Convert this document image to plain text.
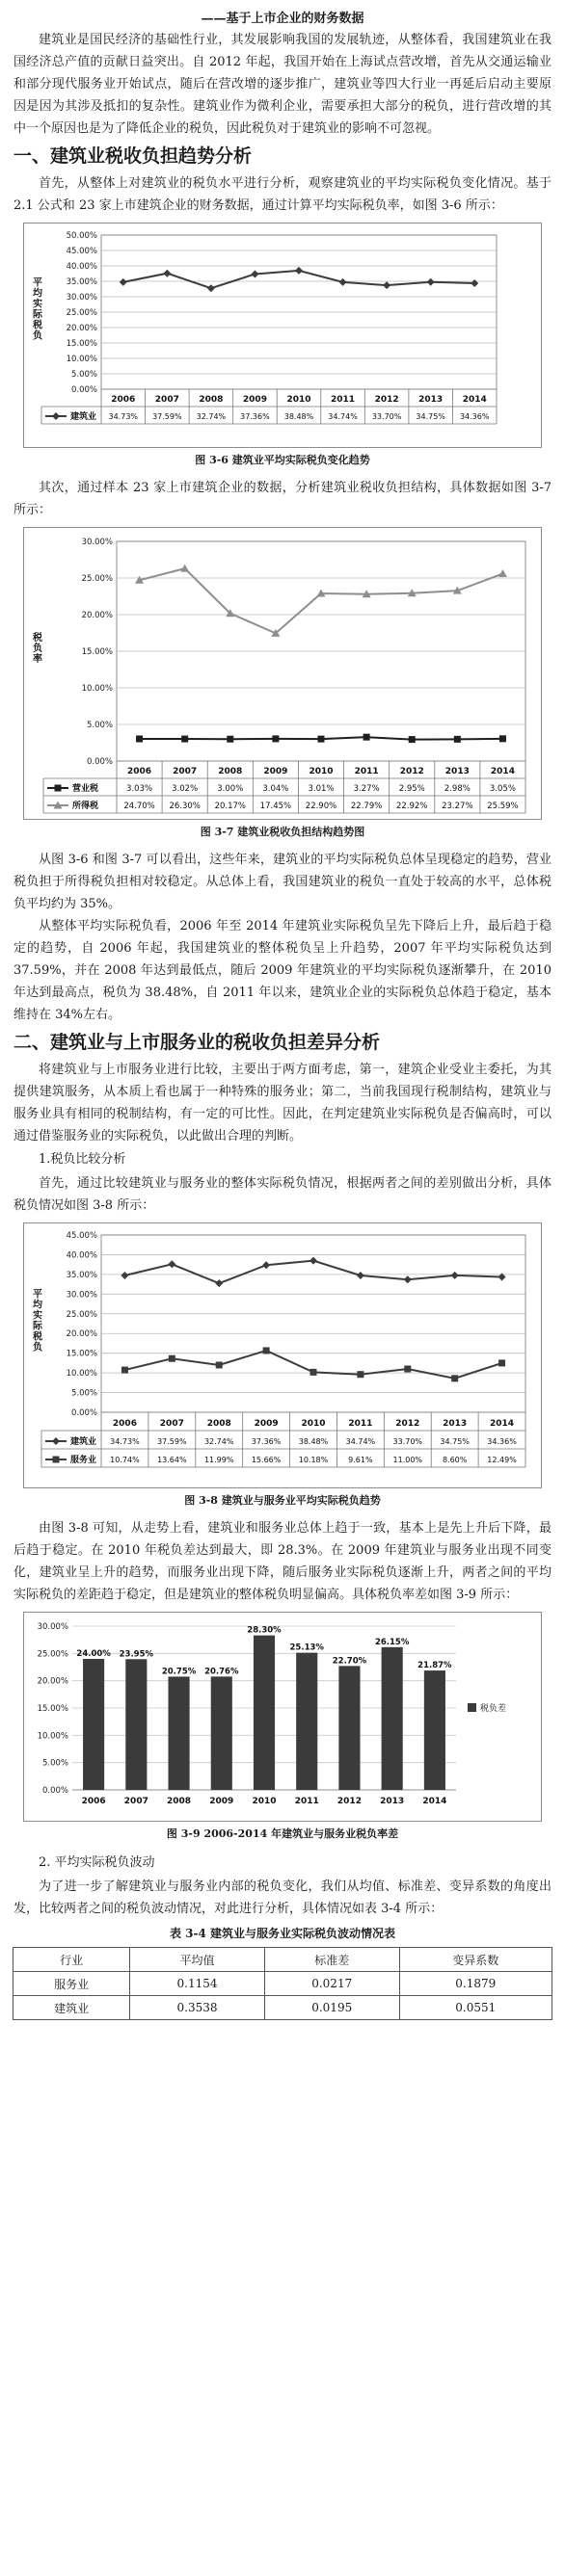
——基于上市企业的财务数据

建筑业是国民经济的基础性行业，其发展影响我国的发展轨迹，从整体看，我国建筑业在我国经济总产值的贡献日益突出。自 2012 年起，我国开始在上海试点营改增，首先从交通运输业和部分现代服务业开始试点，随后在营改增的逐步推广，建筑业等四大行业一再延后启动主要原因是因为其涉及抵扣的复杂性。建筑业作为微利企业，需要承担大部分的税负，进行营改增的其中一个原因也是为了降低企业的税负，因此税负对于建筑业的影响不可忽视。

一、建筑业税收负担趋势分析

首先，从整体上对建筑业的税负水平进行分析，观察建筑业的平均实际税负变化情况。基于 2.1 公式和 23 家上市建筑企业的财务数据，通过计算平均实际税负率，如图 3-6 所示：

0.00%
5.00%
10.00%
15.00%
20.00%
25.00%
30.00%
35.00%
40.00%
45.00%
50.00%
平均实际税负
2006 2007 2008 2009 2010 2011 2012 2013 2014
建筑业 34.73% 37.59% 32.74% 37.36% 38.48% 34.74% 33.70% 34.75% 34.36%
图 3-6 建筑业平均实际税负变化趋势

其次，通过样本 23 家上市建筑企业的数据，分析建筑业税收负担结构，具体数据如图 3-7 所示：

0.00%
5.00%
10.00%
15.00%
20.00%
25.00%
30.00%
税负率
2006 2007 2008 2009 2010 2011 2012 2013 2014
营业税	3.03% 3.02% 3.00% 3.04% 3.01% 3.27% 2.95% 2.98% 3.05%
所得税	24.70% 26.30% 20.17% 17.45% 22.90% 22.79% 22.92% 23.27% 25.59%
图 3-7 建筑业税收负担结构趋势图

从图 3-6 和图 3-7 可以看出，这些年来，建筑业的平均实际税负总体呈现稳定的趋势，营业税负担于所得税负担相对较稳定。从总体上看，我国建筑业的税负一直处于较高的水平，总体税负平均约为 35%。

从整体平均实际税负看，2006 年至 2014 年建筑业实际税负呈先下降后上升，最后趋于稳定的趋势，自 2006 年起，我国建筑业的整体税负呈上升趋势，2007 年平均实际税负达到 37.59%，并在 2008 年达到最低点，随后 2009 年建筑业的平均实际税负逐渐攀升，在 2010 年达到最高点，税负为 38.48%，自 2011 年以来，建筑业企业的实际税负总体趋于稳定，基本维持在 34%左右。

二、建筑业与上市服务业的税收负担差异分析

将建筑业与上市服务业进行比较，主要出于两方面考虑，第一，建筑企业受业主委托，为其提供建筑服务，从本质上看也属于一种特殊的服务业；第二，当前我国现行税制结构，建筑业与服务业具有相同的税制结构，有一定的可比性。因此，在判定建筑业实际税负是否偏高时，可以通过借鉴服务业的实际税负，以此做出合理的判断。

1.税负比较分析

首先，通过比较建筑业与服务业的整体实际税负情况，根据两者之间的差别做出分析，具体税负情况如图 3-8 所示：

0.00%
5.00%
10.00%
15.00%
20.00%
25.00%
30.00%
35.00%
40.00%
45.00%
平均实际税负
2006	2007	2008	2009	2010	2011	2012	2013	2014
建筑业 34.73% 37.59% 32.74% 37.36% 38.48% 34.74% 33.70% 34.75% 34.36%
服务业 10.74% 13.64% 11.99% 15.66% 10.18%	9.61%	11.00%	8.60%	12.49%
图 3-8 建筑业与服务业平均实际税负趋势

由图 3-8 可知，从走势上看，建筑业和服务业总体上趋于一致，基本上是先上升后下降，最后趋于稳定。在 2010 年税负差达到最大，即 28.3%。在 2009 年建筑业与服务业出现不同变化，建筑业呈上升的趋势，而服务业出现下降，随后服务业实际税负逐渐上升，两者之间的平均实际税负的差距趋于稳定，但是建筑业的整体税负明显偏高。具体税负率差如图 3-9 所示：

0.00%
5.00%
10.00%
15.00%
20.00%
25.00%
30.00%
24.00%
2006
23.95%
2007
20.75%
2008
20.76%
2009
28.30%
2010
25.13%
2011
22.70%
2012
26.15%
2013
21.87%
2014
税负差
图 3-9 2006-2014 年建筑业与服务业税负率差
2. 平均实际税负波动

为了进一步了解建筑业与服务业内部的税负变化，我们从均值、标准差、变异系数的角度出发，比较两者之间的税负波动情况，对此进行分析，具体情况如表 3-4 所示：

表 3-4 建筑业与服务业实际税负波动情况表
行业	平均值	标准差	变异系数
服务业	0.1154	0.0217	0.1879
建筑业	0.3538	0.0195	0.0551
